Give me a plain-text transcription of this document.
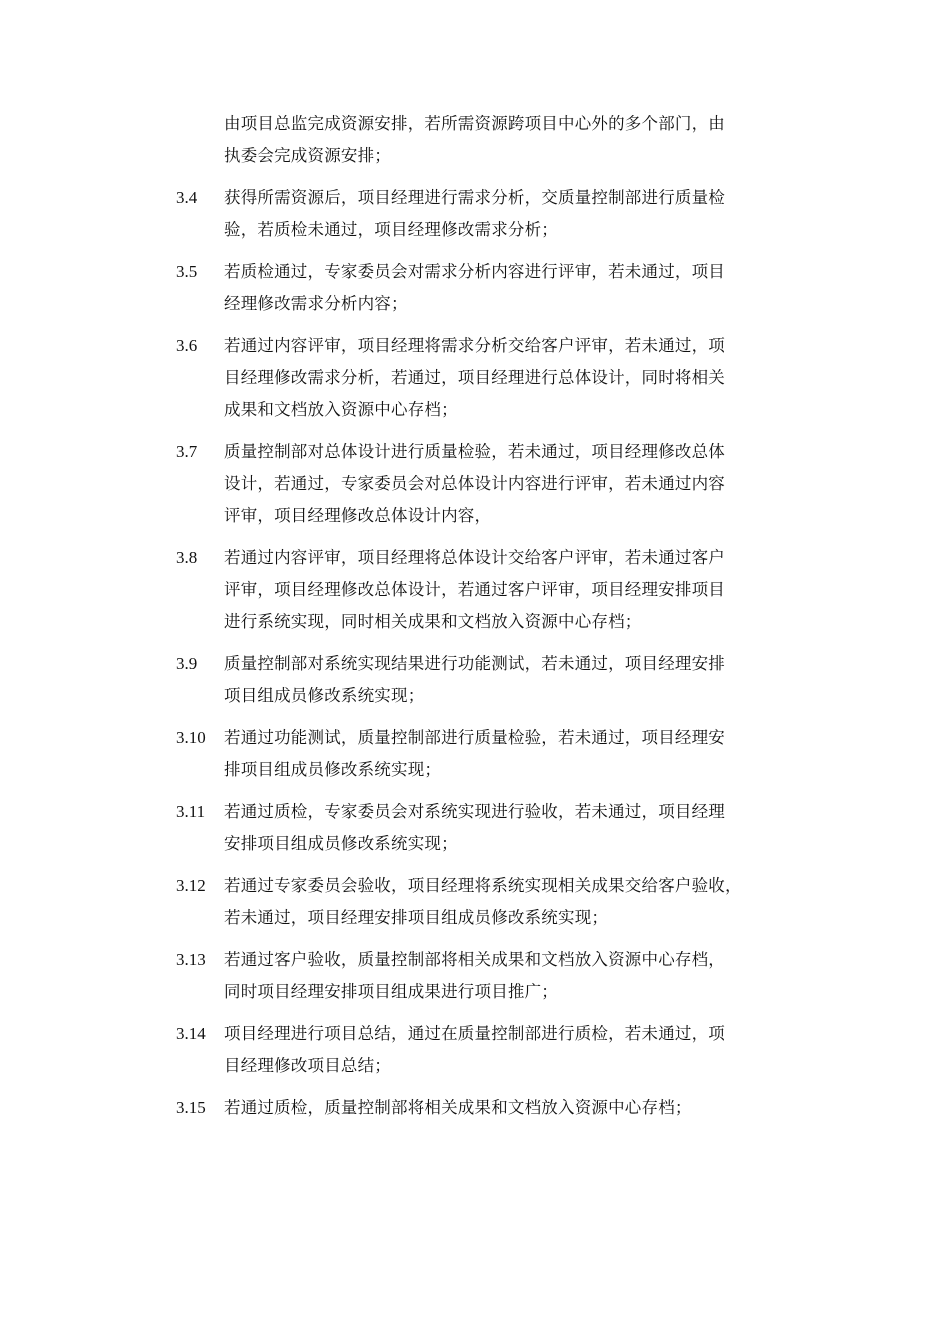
由项目总监完成资源安排，若所需资源跨项目中心外的多个部门，由
执委会完成资源安排；
3.4	获得所需资源后，项目经理进行需求分析，交质量控制部进行质量检
验，若质检未通过，项目经理修改需求分析；
3.5	若质检通过，专家委员会对需求分析内容进行评审，若未通过，项目
经理修改需求分析内容；
3.6	若通过内容评审，项目经理将需求分析交给客户评审，若未通过，项
目经理修改需求分析，若通过，项目经理进行总体设计，同时将相关
成果和文档放入资源中心存档；
3.7	质量控制部对总体设计进行质量检验，若未通过，项目经理修改总体
设计，若通过，专家委员会对总体设计内容进行评审，若未通过内容
评审，项目经理修改总体设计内容，
3.8	若通过内容评审，项目经理将总体设计交给客户评审，若未通过客户
评审，项目经理修改总体设计，若通过客户评审，项目经理安排项目
进行系统实现，同时相关成果和文档放入资源中心存档；
3.9	质量控制部对系统实现结果进行功能测试，若未通过，项目经理安排
项目组成员修改系统实现；
3.10	若通过功能测试，质量控制部进行质量检验，若未通过，项目经理安
排项目组成员修改系统实现；
3.11	若通过质检，专家委员会对系统实现进行验收，若未通过，项目经理
安排项目组成员修改系统实现；
3.12	若通过专家委员会验收，项目经理将系统实现相关成果交给客户验收，
若未通过，项目经理安排项目组成员修改系统实现；
3.13	若通过客户验收，质量控制部将相关成果和文档放入资源中心存档，
同时项目经理安排项目组成果进行项目推广；
3.14	项目经理进行项目总结，通过在质量控制部进行质检，若未通过，项
目经理修改项目总结；
3.15	若通过质检，质量控制部将相关成果和文档放入资源中心存档；
